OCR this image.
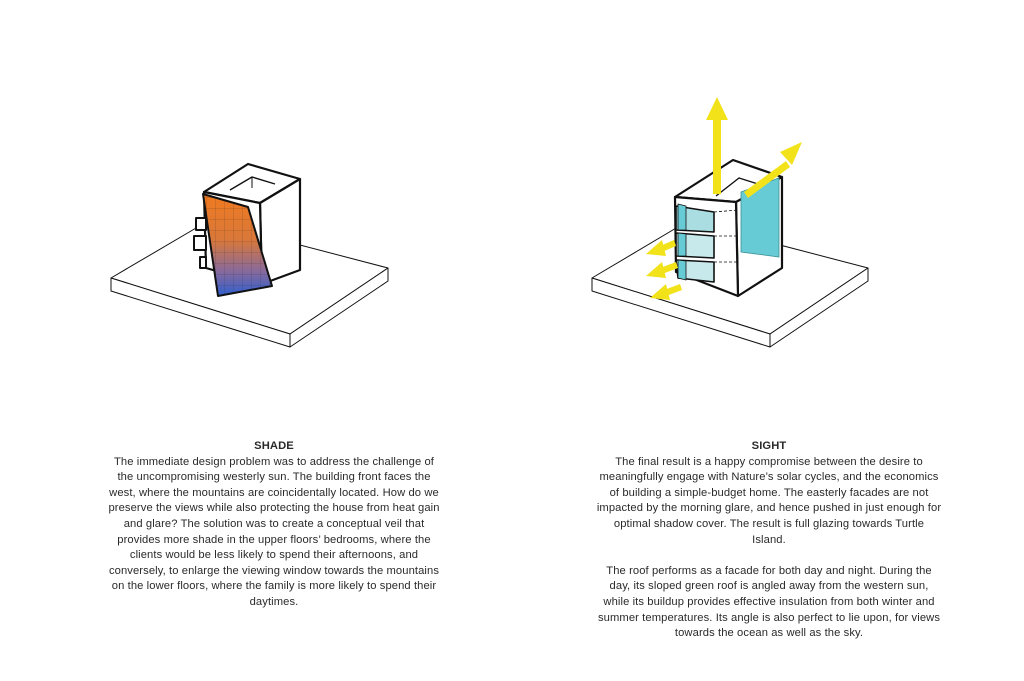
SHADE

The immediate design problem was to address the challenge of the uncompromising westerly sun. The building front faces the west, where the mountains are coincidentally located. How do we preserve the views while also protecting the house from heat gain and glare? The solution was to create a conceptual veil that provides more shade in the upper floors’ bedrooms, where the clients would be less likely to spend their afternoons, and conversely, to enlarge the viewing window towards the mountains on the lower floors, where the family is more likely to spend their daytimes.

SIGHT

The final result is a happy compromise between the desire to meaningfully engage with Nature’s solar cycles, and the economics of building a simple-budget home. The easterly facades are not impacted by the morning glare, and hence pushed in just enough for optimal shadow cover. The result is full glazing towards Turtle Island.

The roof performs as a facade for both day and night. During the day, its sloped green roof is angled away from the western sun, while its buildup provides effective insulation from both winter and summer temperatures. Its angle is also perfect to lie upon, for views towards the ocean as well as the sky.
